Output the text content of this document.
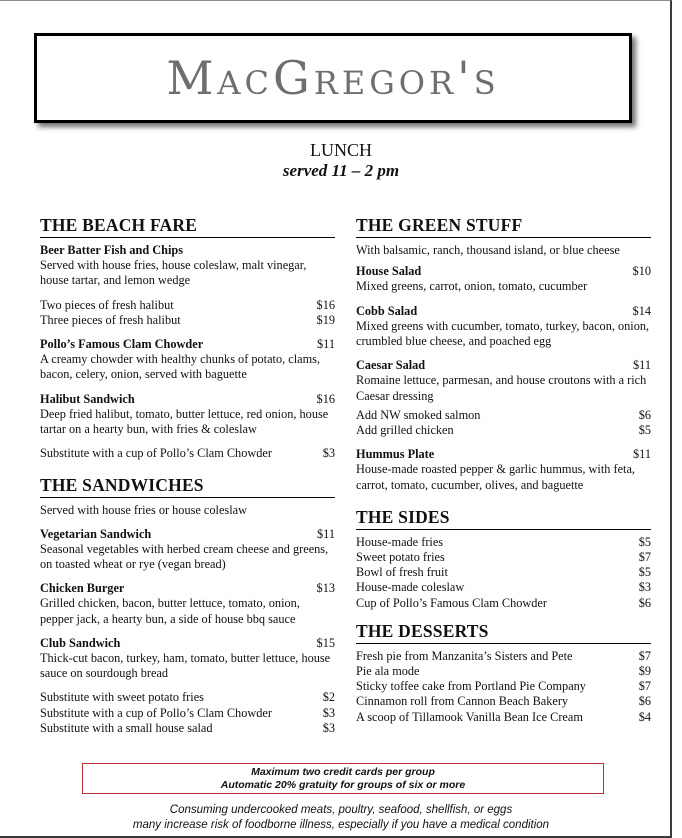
MacGregor's
LUNCH
served 11 – 2 pm
THE BEACH FARE
Beer Batter Fish and Chips
Served with house fries, house coleslaw, malt vinegar, house tartar, and lemon wedge
Two pieces of fresh halibut	$16
Three pieces of fresh halibut	$19
Pollo’s Famous Clam Chowder	$11
A creamy chowder with healthy chunks of potato, clams, bacon, celery, onion, served with baguette
Halibut Sandwich	$16
Deep fried halibut, tomato, butter lettuce, red onion, house tartar on a hearty bun, with fries & coleslaw
Substitute with a cup of Pollo’s Clam Chowder	$3
THE SANDWICHES
Served with house fries or house coleslaw
Vegetarian Sandwich	$11
Seasonal vegetables with herbed cream cheese and greens, on toasted wheat or rye (vegan bread)
Chicken Burger	$13
Grilled chicken, bacon, butter lettuce, tomato, onion, pepper jack, a hearty bun, a side of house bbq sauce
Club Sandwich	$15
Thick-cut bacon, turkey, ham, tomato, butter lettuce, house sauce on sourdough bread
Substitute with sweet potato fries	$2
Substitute with a cup of Pollo’s Clam Chowder	$3
Substitute with a small house salad	$3
THE GREEN STUFF
With balsamic, ranch, thousand island, or blue cheese
House Salad	$10
Mixed greens, carrot, onion, tomato, cucumber
Cobb Salad	$14
Mixed greens with cucumber, tomato, turkey, bacon, onion, crumbled blue cheese, and poached egg
Caesar Salad	$11
Romaine lettuce, parmesan, and house croutons with a rich Caesar dressing
Add NW smoked salmon	$6
Add grilled chicken	$5
Hummus Plate	$11
House-made roasted pepper & garlic hummus, with feta, carrot, tomato, cucumber, olives, and baguette
THE SIDES
House-made fries	$5
Sweet potato fries	$7
Bowl of fresh fruit	$5
House-made coleslaw	$3
Cup of Pollo’s Famous Clam Chowder	$6
THE DESSERTS
Fresh pie from Manzanita’s Sisters and Pete	$7
Pie ala mode	$9
Sticky toffee cake from Portland Pie Company	$7
Cinnamon roll from Cannon Beach Bakery	$6
A scoop of Tillamook Vanilla Bean Ice Cream	$4
Maximum two credit cards per group
Automatic 20% gratuity for groups of six or more
Consuming undercooked meats, poultry, seafood, shellfish, or eggs
many increase risk of foodborne illness, especially if you have a medical condition
